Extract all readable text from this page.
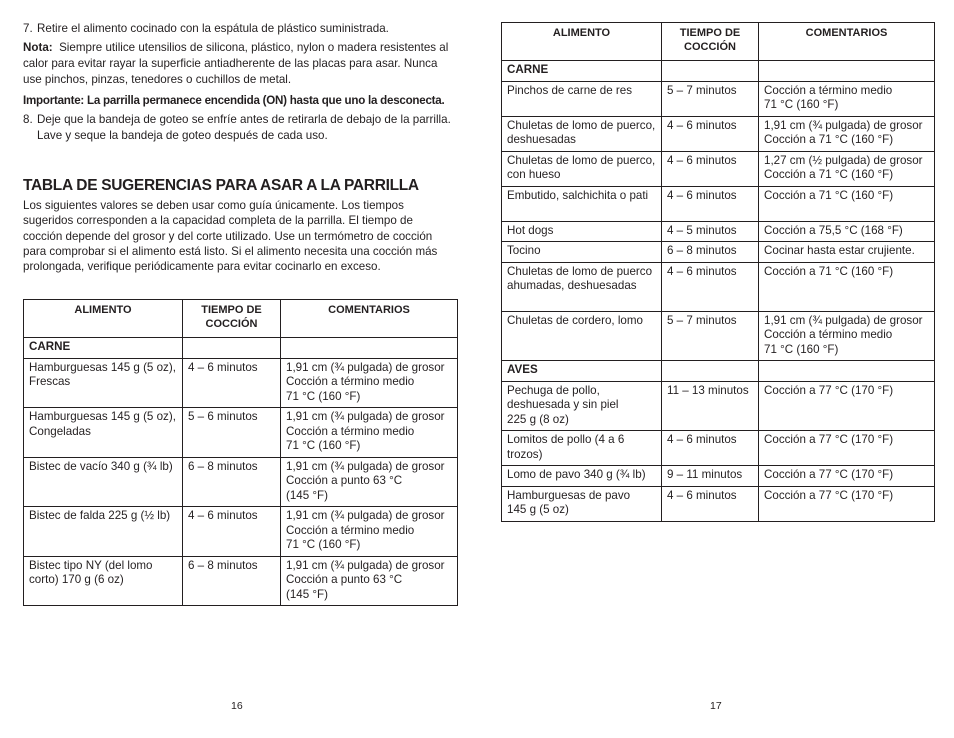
7. Retire el alimento cocinado con la espátula de plástico suministrada.

Nota: Siempre utilice utensilios de silicona, plástico, nylon o madera resistentes al calor para evitar rayar la superficie antiadherente de las placas para asar. Nunca use pinchos, pinzas, tenedores o cuchillos de metal.

Importante: La parrilla permanece encendida (ON) hasta que uno la desconecta.

8. Deje que la bandeja de goteo se enfríe antes de retirarla de debajo de la parrilla. Lave y seque la bandeja de goteo después de cada uso.
TABLA DE SUGERENCIAS PARA ASAR A LA PARRILLA

Los siguientes valores se deben usar como guía únicamente. Los tiempos sugeridos corresponden a la capacidad completa de la parrilla. El tiempo de cocción depende del grosor y del corte utilizado. Use un termómetro de cocción para comprobar si el alimento está listo. Si el alimento necesita una cocción más prolongada, verifique periódicamente para evitar cocinarlo en exceso.

ALIMENTO	TIEMPO DE COCCIÓN	COMENTARIOS
CARNE		
Hamburguesas 145 g (5 oz), Frescas	4 – 6 minutos	1,91 cm (¾ pulgada) de grosor
Cocción a término medio
71 °C (160 °F)
Hamburguesas 145 g (5 oz), Congeladas	5 – 6 minutos	1,91 cm (¾ pulgada) de grosor
Cocción a término medio
71 °C (160 °F)
Bistec de vacío 340 g (¾ lb)	6 – 8 minutos	1,91 cm (¾ pulgada) de grosor
Cocción a punto 63 °C
(145 °F)
Bistec de falda 225 g (½ lb)	4 – 6 minutos	1,91 cm (¾ pulgada) de grosor
Cocción a término medio
71 °C (160 °F)
Bistec tipo NY (del lomo corto) 170 g (6 oz)	6 – 8 minutos	1,91 cm (¾ pulgada) de grosor
Cocción a punto 63 °C
(145 °F)
16
ALIMENTO	TIEMPO DE COCCIÓN	COMENTARIOS
CARNE		
Pinchos de carne de res	5 – 7 minutos	Cocción a término medio
71 °C (160 °F)
Chuletas de lomo de puerco, deshuesadas	4 – 6 minutos	1,91 cm (¾ pulgada) de grosor
Cocción a 71 °C (160 °F)
Chuletas de lomo de puerco, con hueso	4 – 6 minutos	1,27 cm (½ pulgada) de grosor
Cocción a 71 °C (160 °F)
Embutido, salchichita o pati	4 – 6 minutos	Cocción a 71 °C (160 °F)
Hot dogs	4 – 5 minutos	Cocción a 75,5 °C (168 °F)
Tocino	6 – 8 minutos	Cocinar hasta estar crujiente.
Chuletas de lomo de puerco ahumadas, deshuesadas	4 – 6 minutos	Cocción a 71 °C (160 °F)
Chuletas de cordero, lomo	5 – 7 minutos	1,91 cm (¾ pulgada) de grosor
Cocción a término medio
71 °C (160 °F)
AVES		
Pechuga de pollo, deshuesada y sin piel
225 g (8 oz)	11 – 13 minutos	Cocción a 77 °C (170 °F)
Lomitos de pollo (4 a 6 trozos)	4 – 6 minutos	Cocción a 77 °C (170 °F)
Lomo de pavo 340 g (¾ lb)	9 – 11 minutos	Cocción a 77 °C (170 °F)
Hamburguesas de pavo
145 g (5 oz)	4 – 6 minutos	Cocción a 77 °C (170 °F)
17
